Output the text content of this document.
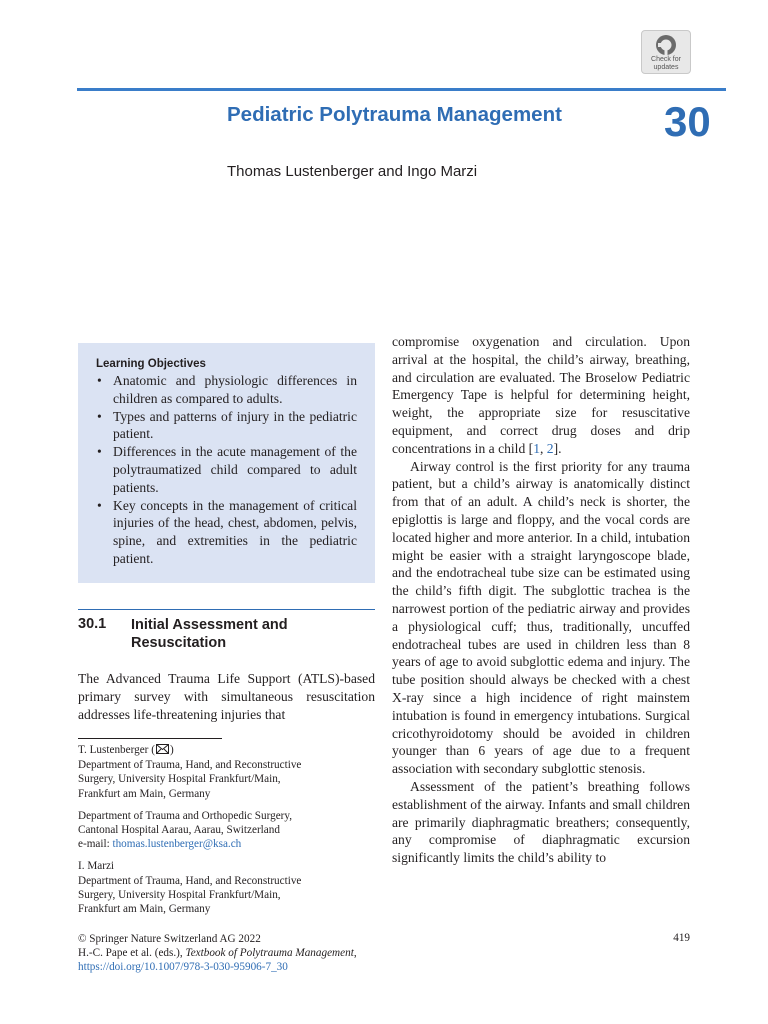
Check for
updates
Pediatric Polytrauma Management 30
Thomas Lustenberger and Ingo Marzi
Learning Objectives
• Anatomic and physiologic differences in children as compared to adults.
• Types and patterns of injury in the pediatric patient.
• Differences in the acute management of the polytraumatized child compared to adult patients.
• Key concepts in the management of critical injuries of the head, chest, abdomen, pelvis, spine, and extremities in the pediatric patient.
30.1 Initial Assessment and Resuscitation

The Advanced Trauma Life Support (ATLS)-based primary survey with simultaneous resuscitation addresses life-threatening injuries that

T. Lustenberger ( )
Department of Trauma, Hand, and Reconstructive
Surgery, University Hospital Frankfurt/Main,
Frankfurt am Main, Germany
Department of Trauma and Orthopedic Surgery,
Cantonal Hospital Aarau, Aarau, Switzerland
e-mail: thomas.lustenberger@ksa.ch
I. Marzi
Department of Trauma, Hand, and Reconstructive
Surgery, University Hospital Frankfurt/Main,
Frankfurt am Main, Germany

compromise oxygenation and circulation. Upon arrival at the hospital, the child’s airway, breathing, and circulation are evaluated. The Broselow Pediatric Emergency Tape is helpful for determining height, weight, the appropriate size for resuscitative equipment, and correct drug doses and drip concentrations in a child [1, 2].

Airway control is the first priority for any trauma patient, but a child’s airway is anatomically distinct from that of an adult. A child’s neck is shorter, the epiglottis is large and floppy, and the vocal cords are located higher and more anterior. In a child, intubation might be easier with a straight laryngoscope blade, and the endotracheal tube size can be estimated using the child’s fifth digit. The subglottic trachea is the narrowest portion of the pediatric airway and provides a physiological cuff; thus, traditionally, uncuffed endotracheal tubes are used in children less than 8 years of age to avoid subglottic edema and injury. The tube position should always be checked with a chest X-ray since a high incidence of right mainstem intubation is found in emergency intubations. Surgical cricothyroidotomy should be avoided in children younger than 6 years of age due to a frequent association with secondary subglottic stenosis.

Assessment of the patient’s breathing follows establishment of the airway. Infants and small children are primarily diaphragmatic breathers; consequently, any compromise of diaphragmatic excursion significantly limits the child’s ability to

© Springer Nature Switzerland AG 2022
H.-C. Pape et al. (eds.), Textbook of Polytrauma Management,
https://doi.org/10.1007/978-3-030-95906-7_30
419
